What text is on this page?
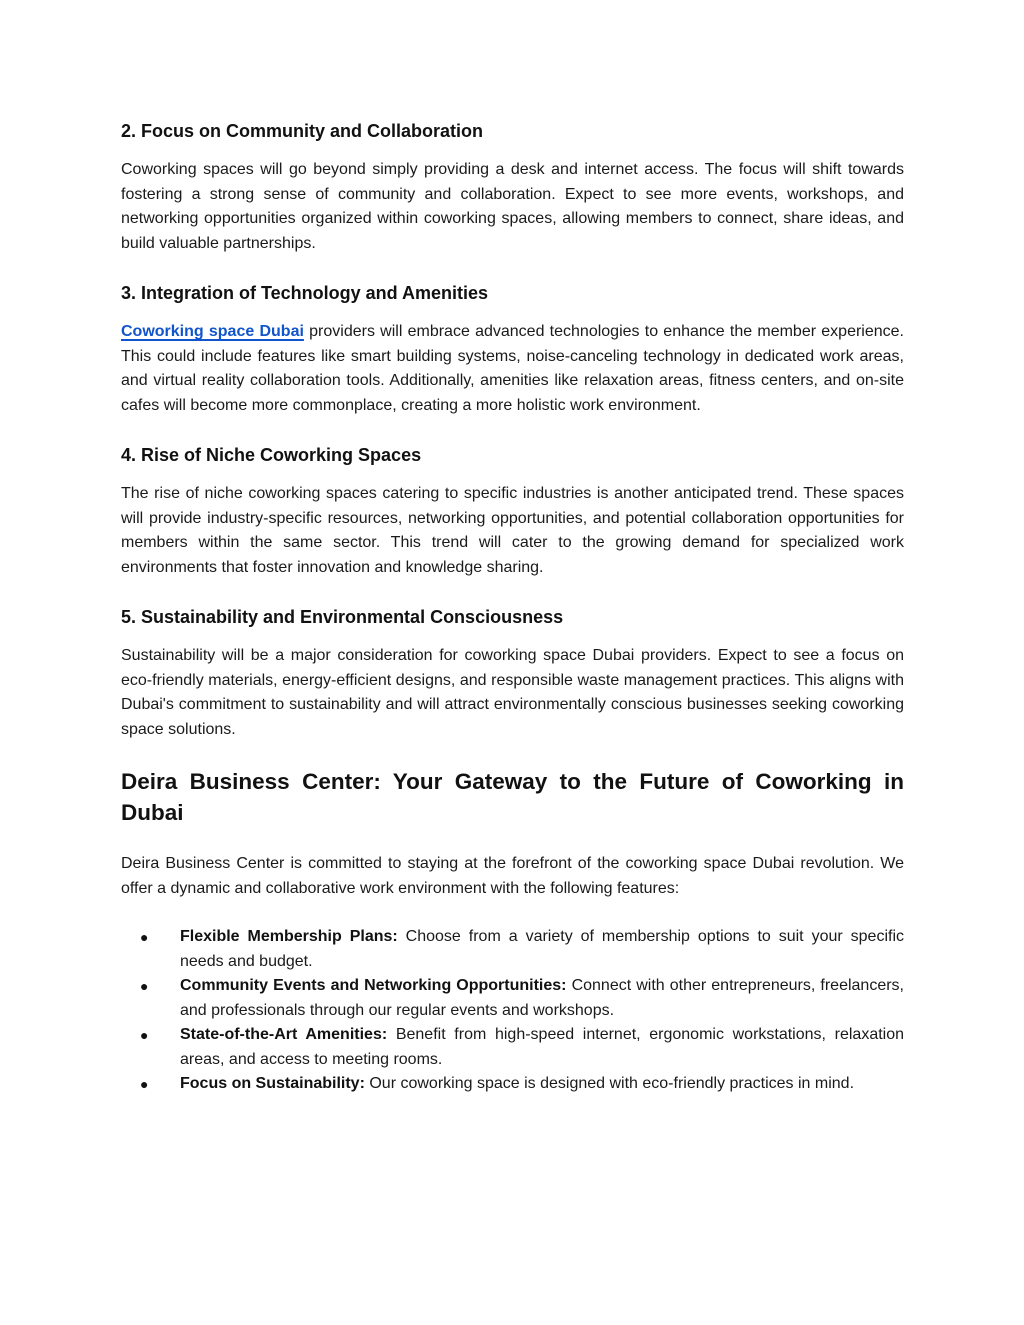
2. Focus on Community and Collaboration

Coworking spaces will go beyond simply providing a desk and internet access. The focus will shift towards fostering a strong sense of community and collaboration. Expect to see more events, workshops, and networking opportunities organized within coworking spaces, allowing members to connect, share ideas, and build valuable partnerships.

3. Integration of Technology and Amenities

Coworking space Dubai providers will embrace advanced technologies to enhance the member experience. This could include features like smart building systems, noise-canceling technology in dedicated work areas, and virtual reality collaboration tools. Additionally, amenities like relaxation areas, fitness centers, and on-site cafes will become more commonplace, creating a more holistic work environment.

4. Rise of Niche Coworking Spaces

The rise of niche coworking spaces catering to specific industries is another anticipated trend. These spaces will provide industry-specific resources, networking opportunities, and potential collaboration opportunities for members within the same sector. This trend will cater to the growing demand for specialized work environments that foster innovation and knowledge sharing.

5. Sustainability and Environmental Consciousness

Sustainability will be a major consideration for coworking space Dubai providers. Expect to see a focus on eco-friendly materials, energy-efficient designs, and responsible waste management practices. This aligns with Dubai's commitment to sustainability and will attract environmentally conscious businesses seeking coworking space solutions.

Deira Business Center: Your Gateway to the Future of Coworking in Dubai

Deira Business Center is committed to staying at the forefront of the coworking space Dubai revolution. We offer a dynamic and collaborative work environment with the following features:

● Flexible Membership Plans: Choose from a variety of membership options to suit your specific needs and budget.
● Community Events and Networking Opportunities: Connect with other entrepreneurs, freelancers, and professionals through our regular events and workshops.
● State-of-the-Art Amenities: Benefit from high-speed internet, ergonomic workstations, relaxation areas, and access to meeting rooms.
● Focus on Sustainability: Our coworking space is designed with eco-friendly practices in mind.
